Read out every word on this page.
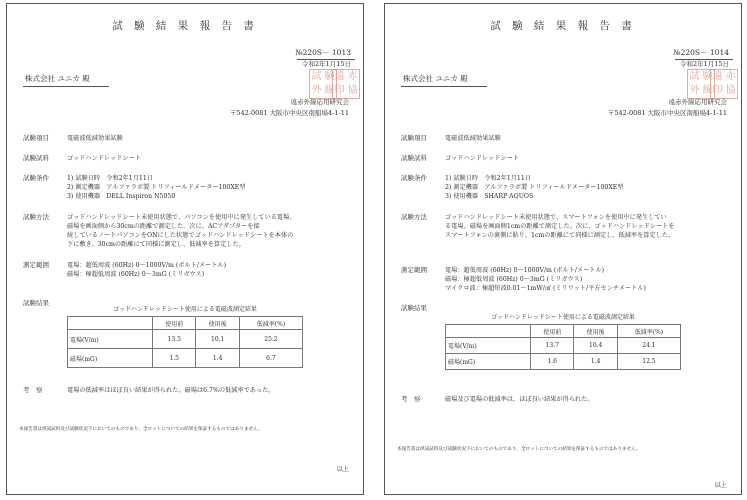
試 験 結 果 報 告 書
№220S－ 1013
令和2年1月15日
株式会社 ユニカ 殿	試 験
外 線
遠 赤
印 協
遠赤外線応用研究会
〒542-0081 大阪市中央区南船場4-1-11
試験項目	電磁波低減効果試験
試験試料	ゴッドハンドレッドシート
試験条件	1) 試験日時　令和2年1月11日
2) 測定機器　アルファラボ製 トリフィールドメーター100XE型
3) 使用機器　DELL Inspiron N5050
試験方法	ゴッドハンドレッドシート未使用状態で、パソコンを使用中に発生している電場、
磁場を画面側から30cmの距離で測定した。次に、ACアダプターを接
続しているノートパソコンをONにした状態でゴッドハンドレッドシートを本体の
下に敷き、30cmの距離にて同様に測定し、低減率を算定した。
測定範囲	電場：超低周波 (60Hz) 0～1000V/m (ボルト/メートル)
磁場：極超低周波 (60Hz) 0～3mG (ミリガウス)
試験結果
ゴッドハンドレッドシート使用による電磁波測定結果
	使用前	使用後	低減率(%)
電場(V/m)	13.5	10.1	25.2
磁場(mG)	1.5	1.4	6.7
考　察	電場の低減率はほぼ良い結果が得られた。磁場は6.7%の低減率であった。
本報告書は供試試料及び試験状況下においてのものであり、全ロットについての結果を保証するものではありません。
以上
試 験 結 果 報 告 書
№220S－ 1014
令和2年1月15日
株式会社 ユニカ 殿	試 験
外 線
遠 赤
印 協
遠赤外線応用研究会
〒542-0081 大阪市中央区南船場4-1-11
試験項目	電磁波低減効果試験
試験試料	ゴッドハンドレッドシート
試験条件	1) 試験日時　令和2年1月11日
2) 測定機器　アルファラボ製 トリフィールドメーター100XE型
3) 使用機器　SHARP AQUOS
試験方法	ゴッドハンドレッドシート未使用状態で、スマートフォンを使用中に発生してい
る電場、磁場を画面側1cmの距離で測定した。次に、ゴッドハンドレッドシートを
スマートフォンの裏側に貼り、1cmの距離にて同様に測定し、低減率を算定した。
測定範囲	電場：超低周波 (60Hz) 0～1000V/m (ボルト/メートル)
磁場：極超低周波 (60Hz) 0～3mG (ミリガウス)
マイクロ波：極超短波0.01～1mW/㎠ (ミリワット/平方センチメートル)
試験結果
ゴッドハンドレッドシート使用による電磁波測定結果
	使用前	使用後	低減率(%)
電場(V/m)	13.7	10.4	24.1
磁場(mG)	1.6	1.4	12.5
考　察	磁場及び電場の低減率は、ほぼ良い結果が得られた。
本報告書は供試試料及び試験状況下においてのものであり、全ロットについての結果を保証するものではありません。
以上
